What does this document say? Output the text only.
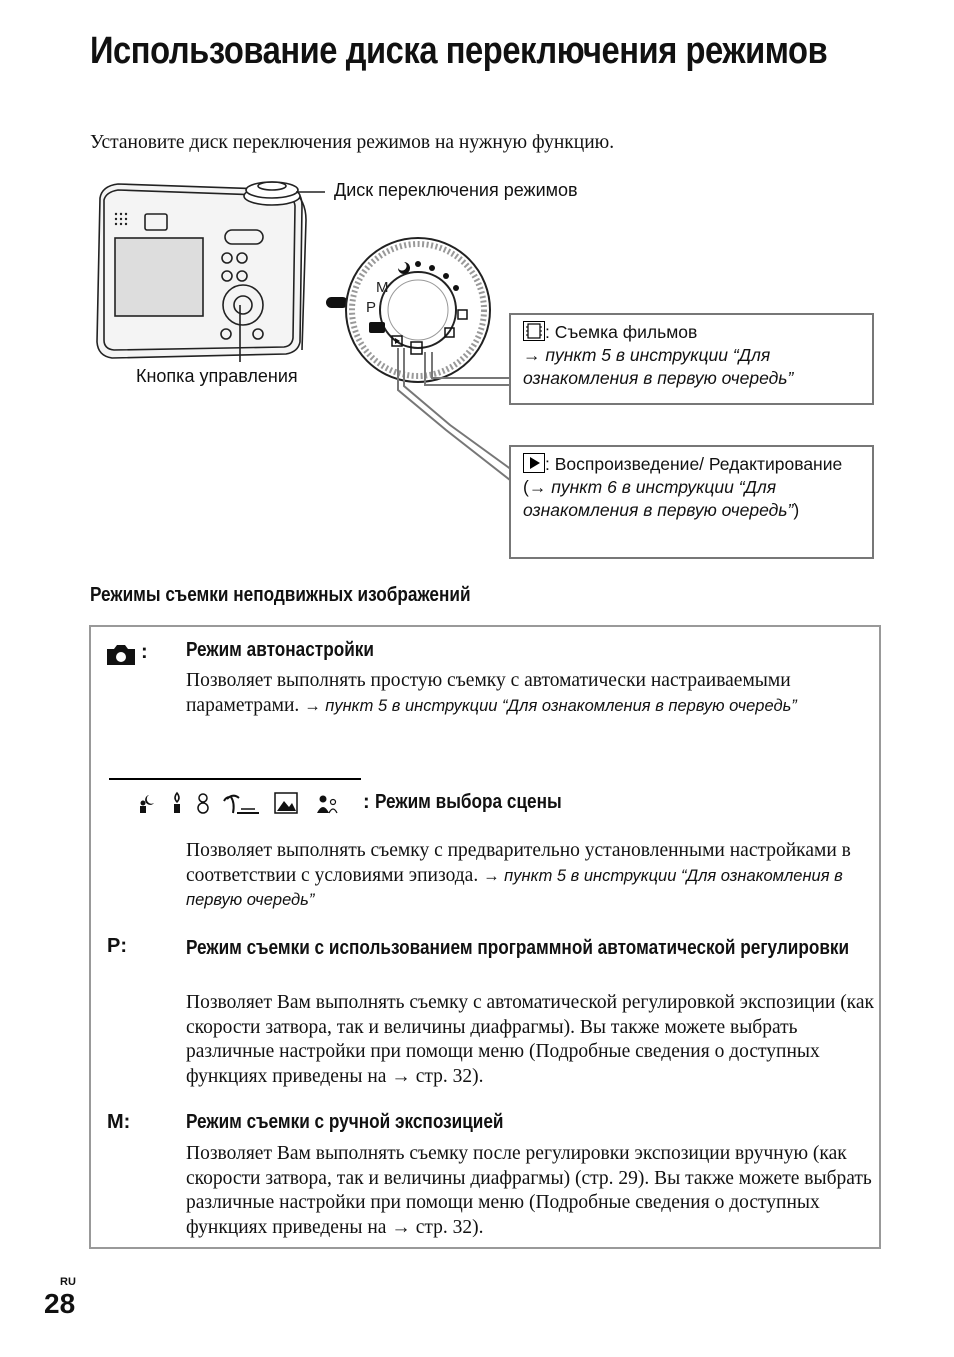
Использование диска переключения режимов
Установите диск переключения режимов на нужную функцию.
M
P
Диск переключения режимов
Кнопка управления
: Съемка фильмов
→ пункт 5 в инструкции “Для ознакомления в первую очередь”
: Воспроизведение/ Редактирование
(→ пункт 6 в инструкции “Для ознакомления в первую очередь”)
Режимы съемки неподвижных изображений
: Режим автонастройки
Позволяет выполнять простую съемку с автоматически настраиваемыми параметрами. → пункт 5 в инструкции “Для ознакомления в первую очередь”
: Режим выбора сцены
Позволяет выполнять съемку с предварительно установленными настройками в соответствии с условиями эпизода. → пункт 5 в инструкции “Для ознакомления в первую очередь”
P:	Режим съемки с использованием программной автоматической регулировки
Позволяет Вам выполнять съемку с автоматической регулировкой экспозиции (как скорости затвора, так и величины диафрагмы). Вы также можете выбрать различные настройки при помощи меню (Подробные сведения о доступных функциях приведены на → стр. 32).
M:	Режим съемки с ручной экспозицией
Позволяет Вам выполнять съемку после регулировки экспозиции вручную (как скорости затвора, так и величины диафрагмы) (стр. 29). Вы также можете выбрать различные настройки при помощи меню (Подробные сведения о доступных функциях приведены на → стр. 32).
RU
28
